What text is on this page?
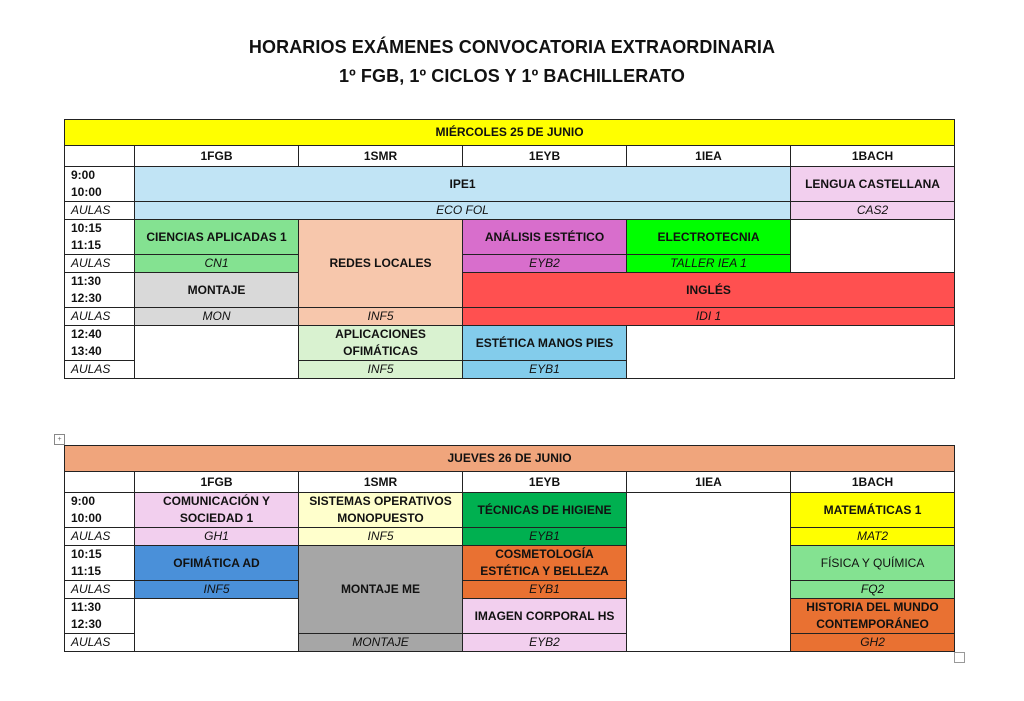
HORARIOS EXÁMENES CONVOCATORIA EXTRAORDINARIA
1º FGB, 1º CICLOS Y 1º BACHILLERATO
MIÉRCOLES 25 DE JUNIO					
	1FGB	1SMR	1EYB	1IEA	1BACH
9:00
10:00	IPE1				LENGUA CASTELLANA
AULAS	ECO FOL				CAS2
10:15
11:15	CIENCIAS APLICADAS 1	REDES LOCALES	ANÁLISIS ESTÉTICO	ELECTROTECNIA	
AULAS	CN1		EYB2	TALLER IEA 1	
11:30
12:30	MONTAJE		INGLÉS		
AULAS	MON	INF5	IDI 1		
12:40
13:40		APLICACIONES OFIMÁTICAS	ESTÉTICA MANOS PIES		
AULAS		INF5	EYB1		
+
JUEVES 26 DE JUNIO					
	1FGB	1SMR	1EYB	1IEA	1BACH
9:00
10:00	COMUNICACIÓN Y SOCIEDAD 1	SISTEMAS OPERATIVOS MONOPUESTO	TÉCNICAS DE HIGIENE		MATEMÁTICAS 1
AULAS	GH1	INF5	EYB1		MAT2
10:15
11:15	OFIMÁTICA AD	MONTAJE ME	COSMETOLOGÍA ESTÉTICA Y BELLEZA		FÍSICA Y QUÍMICA
AULAS	INF5		EYB1		FQ2
11:30
12:30			IMAGEN CORPORAL HS		HISTORIA DEL MUNDO CONTEMPORÁNEO
AULAS		MONTAJE	EYB2		GH2
